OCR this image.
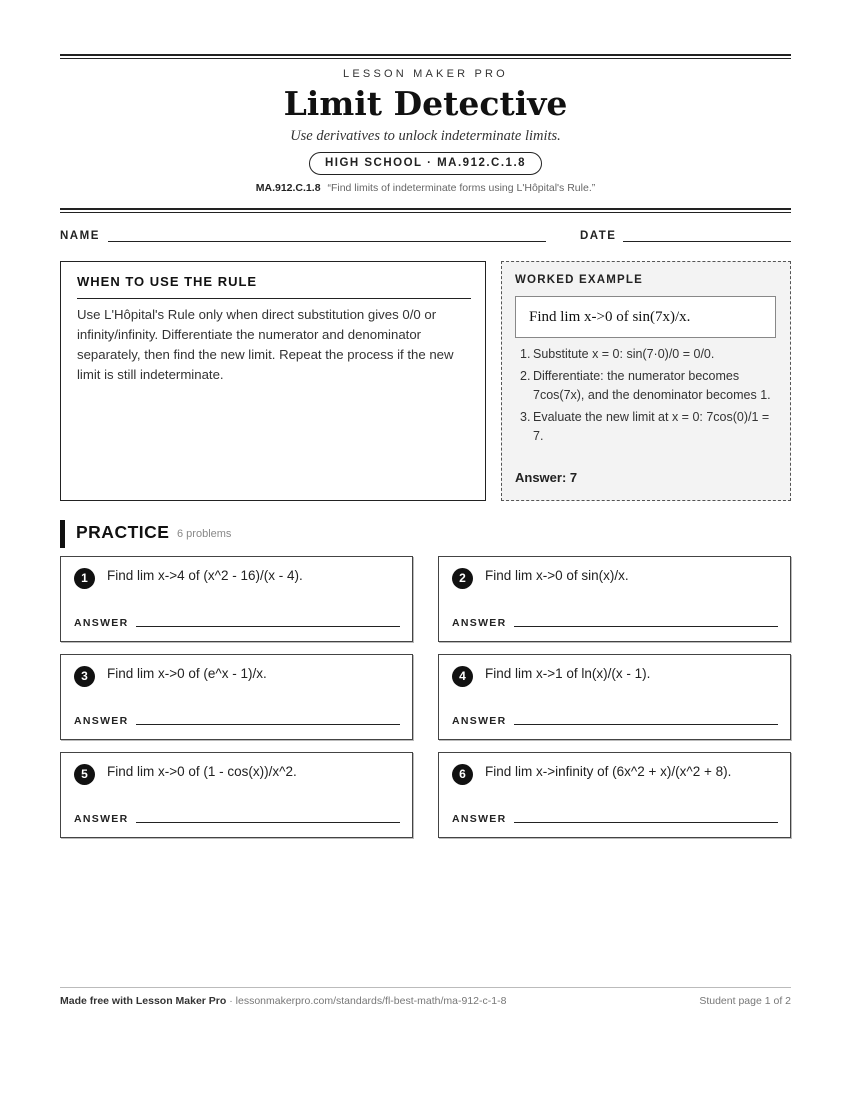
LESSON MAKER PRO
Limit Detective
Use derivatives to unlock indeterminate limits.
HIGH SCHOOL · MA.912.C.1.8
MA.912.C.1.8 “Find limits of indeterminate forms using L'Hôpital's Rule.”
NAME	DATE
WHEN TO USE THE RULE

Use L'Hôpital's Rule only when direct substitution gives 0/0 or infinity/infinity. Differentiate the numerator and denominator separately, then find the new limit. Repeat the process if the new limit is still indeterminate.

WORKED EXAMPLE
Find lim x->0 of sin(7x)/x.
1. Substitute x = 0: sin(7·0)/0 = 0/0.
2. Differentiate: the numerator becomes 7cos(7x), and the denominator becomes 1.
3. Evaluate the new limit at x = 0: 7cos(0)/1 = 7.
Answer: 7
PRACTICE 6 problems
1	Find lim x->4 of (x^2 - 16)/(x - 4).
ANSWER
2	Find lim x->0 of sin(x)/x.
ANSWER
3	Find lim x->0 of (e^x - 1)/x.
ANSWER
4	Find lim x->1 of ln(x)/(x - 1).
ANSWER
5	Find lim x->0 of (1 - cos(x))/x^2.
ANSWER
6	Find lim x->infinity of (6x^2 + x)/(x^2 + 8).
ANSWER
Made free with Lesson Maker Pro · lessonmakerpro.com/standards/fl-best-math/ma-912-c-1-8	Student page 1 of 2
